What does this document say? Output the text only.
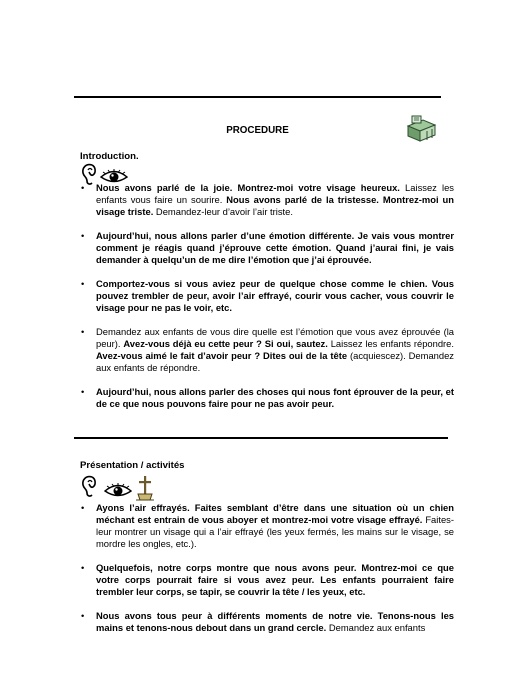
PROCEDURE
Introduction.
• Nous avons parlé de la joie. Montrez-moi votre visage heureux. Laissez les enfants vous faire un sourire. Nous avons parlé de la tristesse. Montrez-moi un visage triste. Demandez-leur d’avoir l’air triste.
• Aujourd’hui, nous allons parler d’une émotion différente. Je vais vous montrer comment je réagis quand j’éprouve cette émotion. Quand j’aurai fini, je vais demander à quelqu’un de me dire l’émotion que j’ai éprouvée.
• Comportez-vous si vous aviez peur de quelque chose comme le chien. Vous pouvez trembler de peur, avoir l’air effrayé, courir vous cacher, vous couvrir le visage pour ne pas le voir, etc.
• Demandez aux enfants de vous dire quelle est l’émotion que vous avez éprouvée (la peur). Avez-vous déjà eu cette peur ? Si oui, sautez. Laissez les enfants répondre. Avez-vous aimé le fait d’avoir peur ? Dites oui de la tête (acquiescez). Demandez aux enfants de répondre.
• Aujourd’hui, nous allons parler des choses qui nous font éprouver de la peur, et de ce que nous pouvons faire pour ne pas avoir peur.
Présentation / activités
• Ayons l’air effrayés. Faites semblant d’être dans une situation où un chien méchant est entrain de vous aboyer et montrez-moi votre visage effrayé. Faites-leur montrer un visage qui a l’air effrayé (les yeux fermés, les mains sur le visage, se mordre les ongles, etc.).
• Quelquefois, notre corps montre que nous avons peur. Montrez-moi ce que votre corps pourrait faire si vous avez peur. Les enfants pourraient faire trembler leur corps, se tapir, se couvrir la tête / les yeux, etc.
• Nous avons tous peur à différents moments de notre vie. Tenons-nous les mains et tenons-nous debout dans un grand cercle. Demandez aux enfants
